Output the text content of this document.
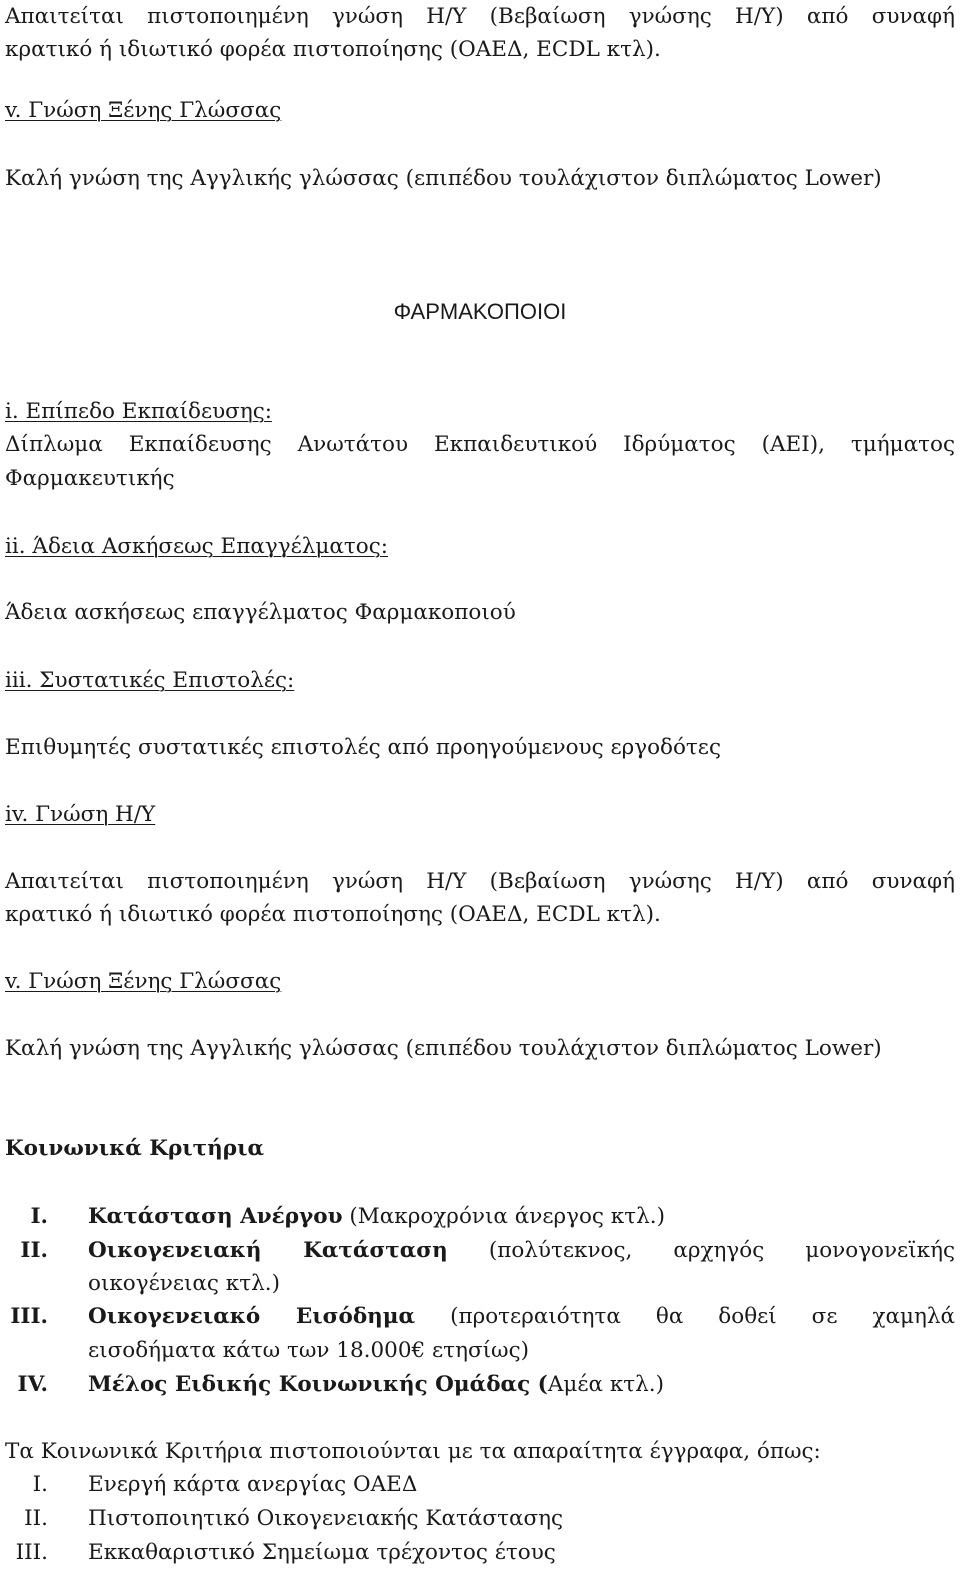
Απαιτείται πιστοποιημένη γνώση Η/Υ (Βεβαίωση γνώσης Η/Υ) από συναφή
κρατικό ή ιδιωτικό φορέα πιστοποίησης (ΟΑΕΔ, ECDL κτλ).
v. Γνώση Ξένης Γλώσσας
Καλή γνώση της Αγγλικής γλώσσας (επιπέδου τουλάχιστον διπλώματος Lower)
ΦΑΡΜΑΚΟΠΟΙΟΙ
i. Επίπεδο Εκπαίδευσης:
Δίπλωμα Εκπαίδευσης Ανωτάτου Εκπαιδευτικού Ιδρύματος (ΑΕΙ), τμήματος
Φαρμακευτικής
ii. Άδεια Ασκήσεως Επαγγέλματος:
Άδεια ασκήσεως επαγγέλματος Φαρμακοποιού
iii. Συστατικές Επιστολές:
Επιθυμητές συστατικές επιστολές από προηγούμενους εργοδότες
iv. Γνώση Η/Υ
Απαιτείται πιστοποιημένη γνώση Η/Υ (Βεβαίωση γνώσης Η/Υ) από συναφή
κρατικό ή ιδιωτικό φορέα πιστοποίησης (ΟΑΕΔ, ECDL κτλ).
v. Γνώση Ξένης Γλώσσας
Καλή γνώση της Αγγλικής γλώσσας (επιπέδου τουλάχιστον διπλώματος Lower)
Κοινωνικά Κριτήρια
I. Κατάσταση Ανέργου (Μακροχρόνια άνεργος κτλ.)
II. Οικογενειακή Κατάσταση (πολύτεκνος, αρχηγός μονογονεϊκής
οικογένειας κτλ.)
III. Οικογενειακό Εισόδημα (προτεραιότητα θα δοθεί σε χαμηλά
εισοδήματα κάτω των 18.000€ ετησίως)
IV. Μέλος Ειδικής Κοινωνικής Ομάδας (Αμέα κτλ.)
Τα Κοινωνικά Κριτήρια πιστοποιούνται με τα απαραίτητα έγγραφα, όπως:
I. Ενεργή κάρτα ανεργίας ΟΑΕΔ
II. Πιστοποιητικό Οικογενειακής Κατάστασης
III. Εκκαθαριστικό Σημείωμα τρέχοντος έτους
